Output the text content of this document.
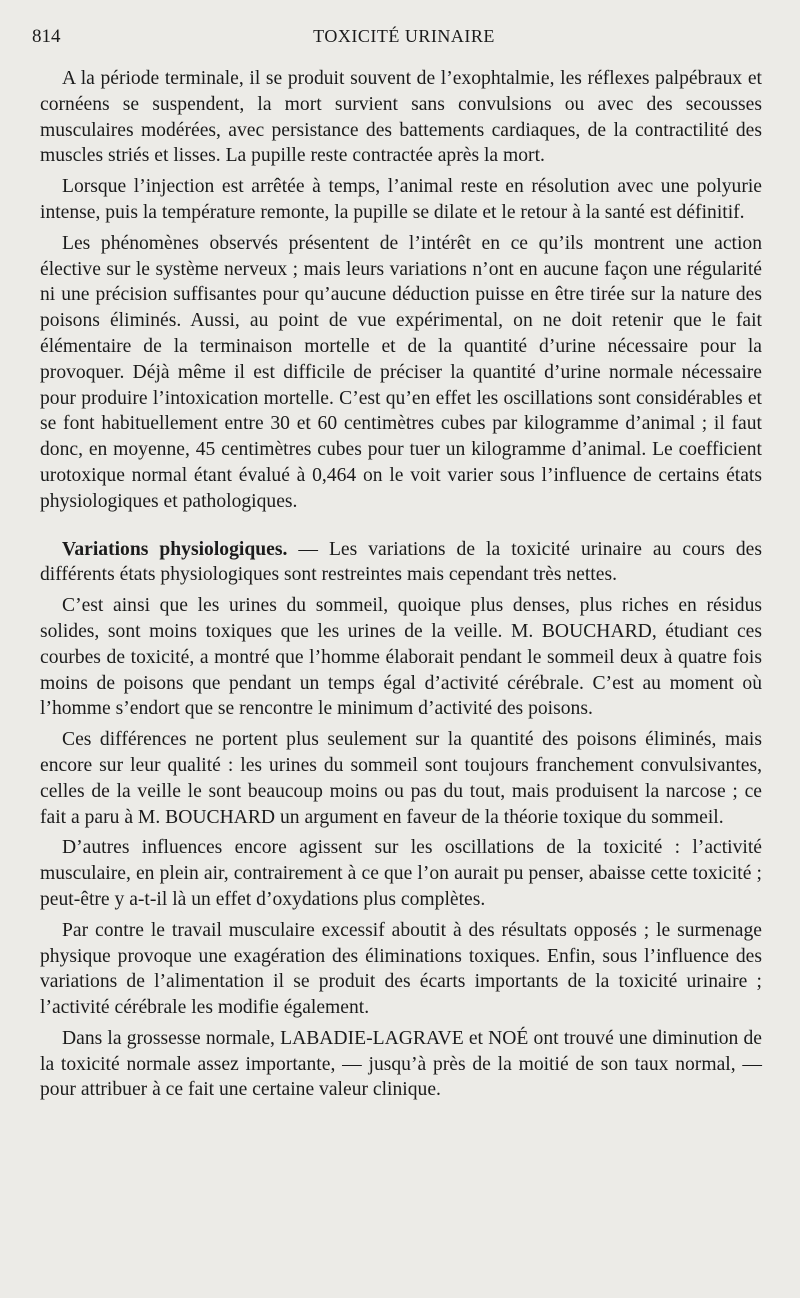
814	TOXICITÉ URINAIRE

A la période terminale, il se produit souvent de l’exophtalmie, les réflexes palpébraux et cornéens se suspendent, la mort survient sans convulsions ou avec des secousses musculaires modérées, avec persistance des battements cardiaques, de la contractilité des muscles striés et lisses. La pupille reste contractée après la mort.

Lorsque l’injection est arrêtée à temps, l’animal reste en résolution avec une polyurie intense, puis la température remonte, la pupille se dilate et le retour à la santé est définitif.

Les phénomènes observés présentent de l’intérêt en ce qu’ils montrent une action élective sur le système nerveux ; mais leurs variations n’ont en aucune façon une régularité ni une précision suffisantes pour qu’aucune déduction puisse en être tirée sur la nature des poisons éliminés. Aussi, au point de vue expérimental, on ne doit retenir que le fait élémentaire de la terminaison mortelle et de la quantité d’urine nécessaire pour la provoquer. Déjà même il est difficile de préciser la quantité d’urine normale nécessaire pour produire l’intoxication mortelle. C’est qu’en effet les oscillations sont considérables et se font habituellement entre 30 et 60 centimètres cubes par kilogramme d’animal ; il faut donc, en moyenne, 45 centimètres cubes pour tuer un kilogramme d’animal. Le coefficient urotoxique normal étant évalué à 0,464 on le voit varier sous l’influence de certains états physiologiques et pathologiques.

Variations physiologiques. — Les variations de la toxicité urinaire au cours des différents états physiologiques sont restreintes mais cependant très nettes.

C’est ainsi que les urines du sommeil, quoique plus denses, plus riches en résidus solides, sont moins toxiques que les urines de la veille. M. BOUCHARD, étudiant ces courbes de toxicité, a montré que l’homme élaborait pendant le sommeil deux à quatre fois moins de poisons que pendant un temps égal d’activité cérébrale. C’est au moment où l’homme s’endort que se rencontre le minimum d’activité des poisons.

Ces différences ne portent plus seulement sur la quantité des poisons éliminés, mais encore sur leur qualité : les urines du sommeil sont toujours franchement convulsivantes, celles de la veille le sont beaucoup moins ou pas du tout, mais produisent la narcose ; ce fait a paru à M. BOUCHARD un argument en faveur de la théorie toxique du sommeil.

D’autres influences encore agissent sur les oscillations de la toxicité : l’activité musculaire, en plein air, contrairement à ce que l’on aurait pu penser, abaisse cette toxicité ; peut-être y a-t-il là un effet d’oxydations plus complètes.

Par contre le travail musculaire excessif aboutit à des résultats opposés ; le surmenage physique provoque une exagération des éliminations toxiques. Enfin, sous l’influence des variations de l’alimentation il se produit des écarts importants de la toxicité urinaire ; l’activité cérébrale les modifie également.

Dans la grossesse normale, LABADIE-LAGRAVE et NOÉ ont trouvé une diminution de la toxicité normale assez importante, — jusqu’à près de la moitié de son taux normal, — pour attribuer à ce fait une certaine valeur clinique.
